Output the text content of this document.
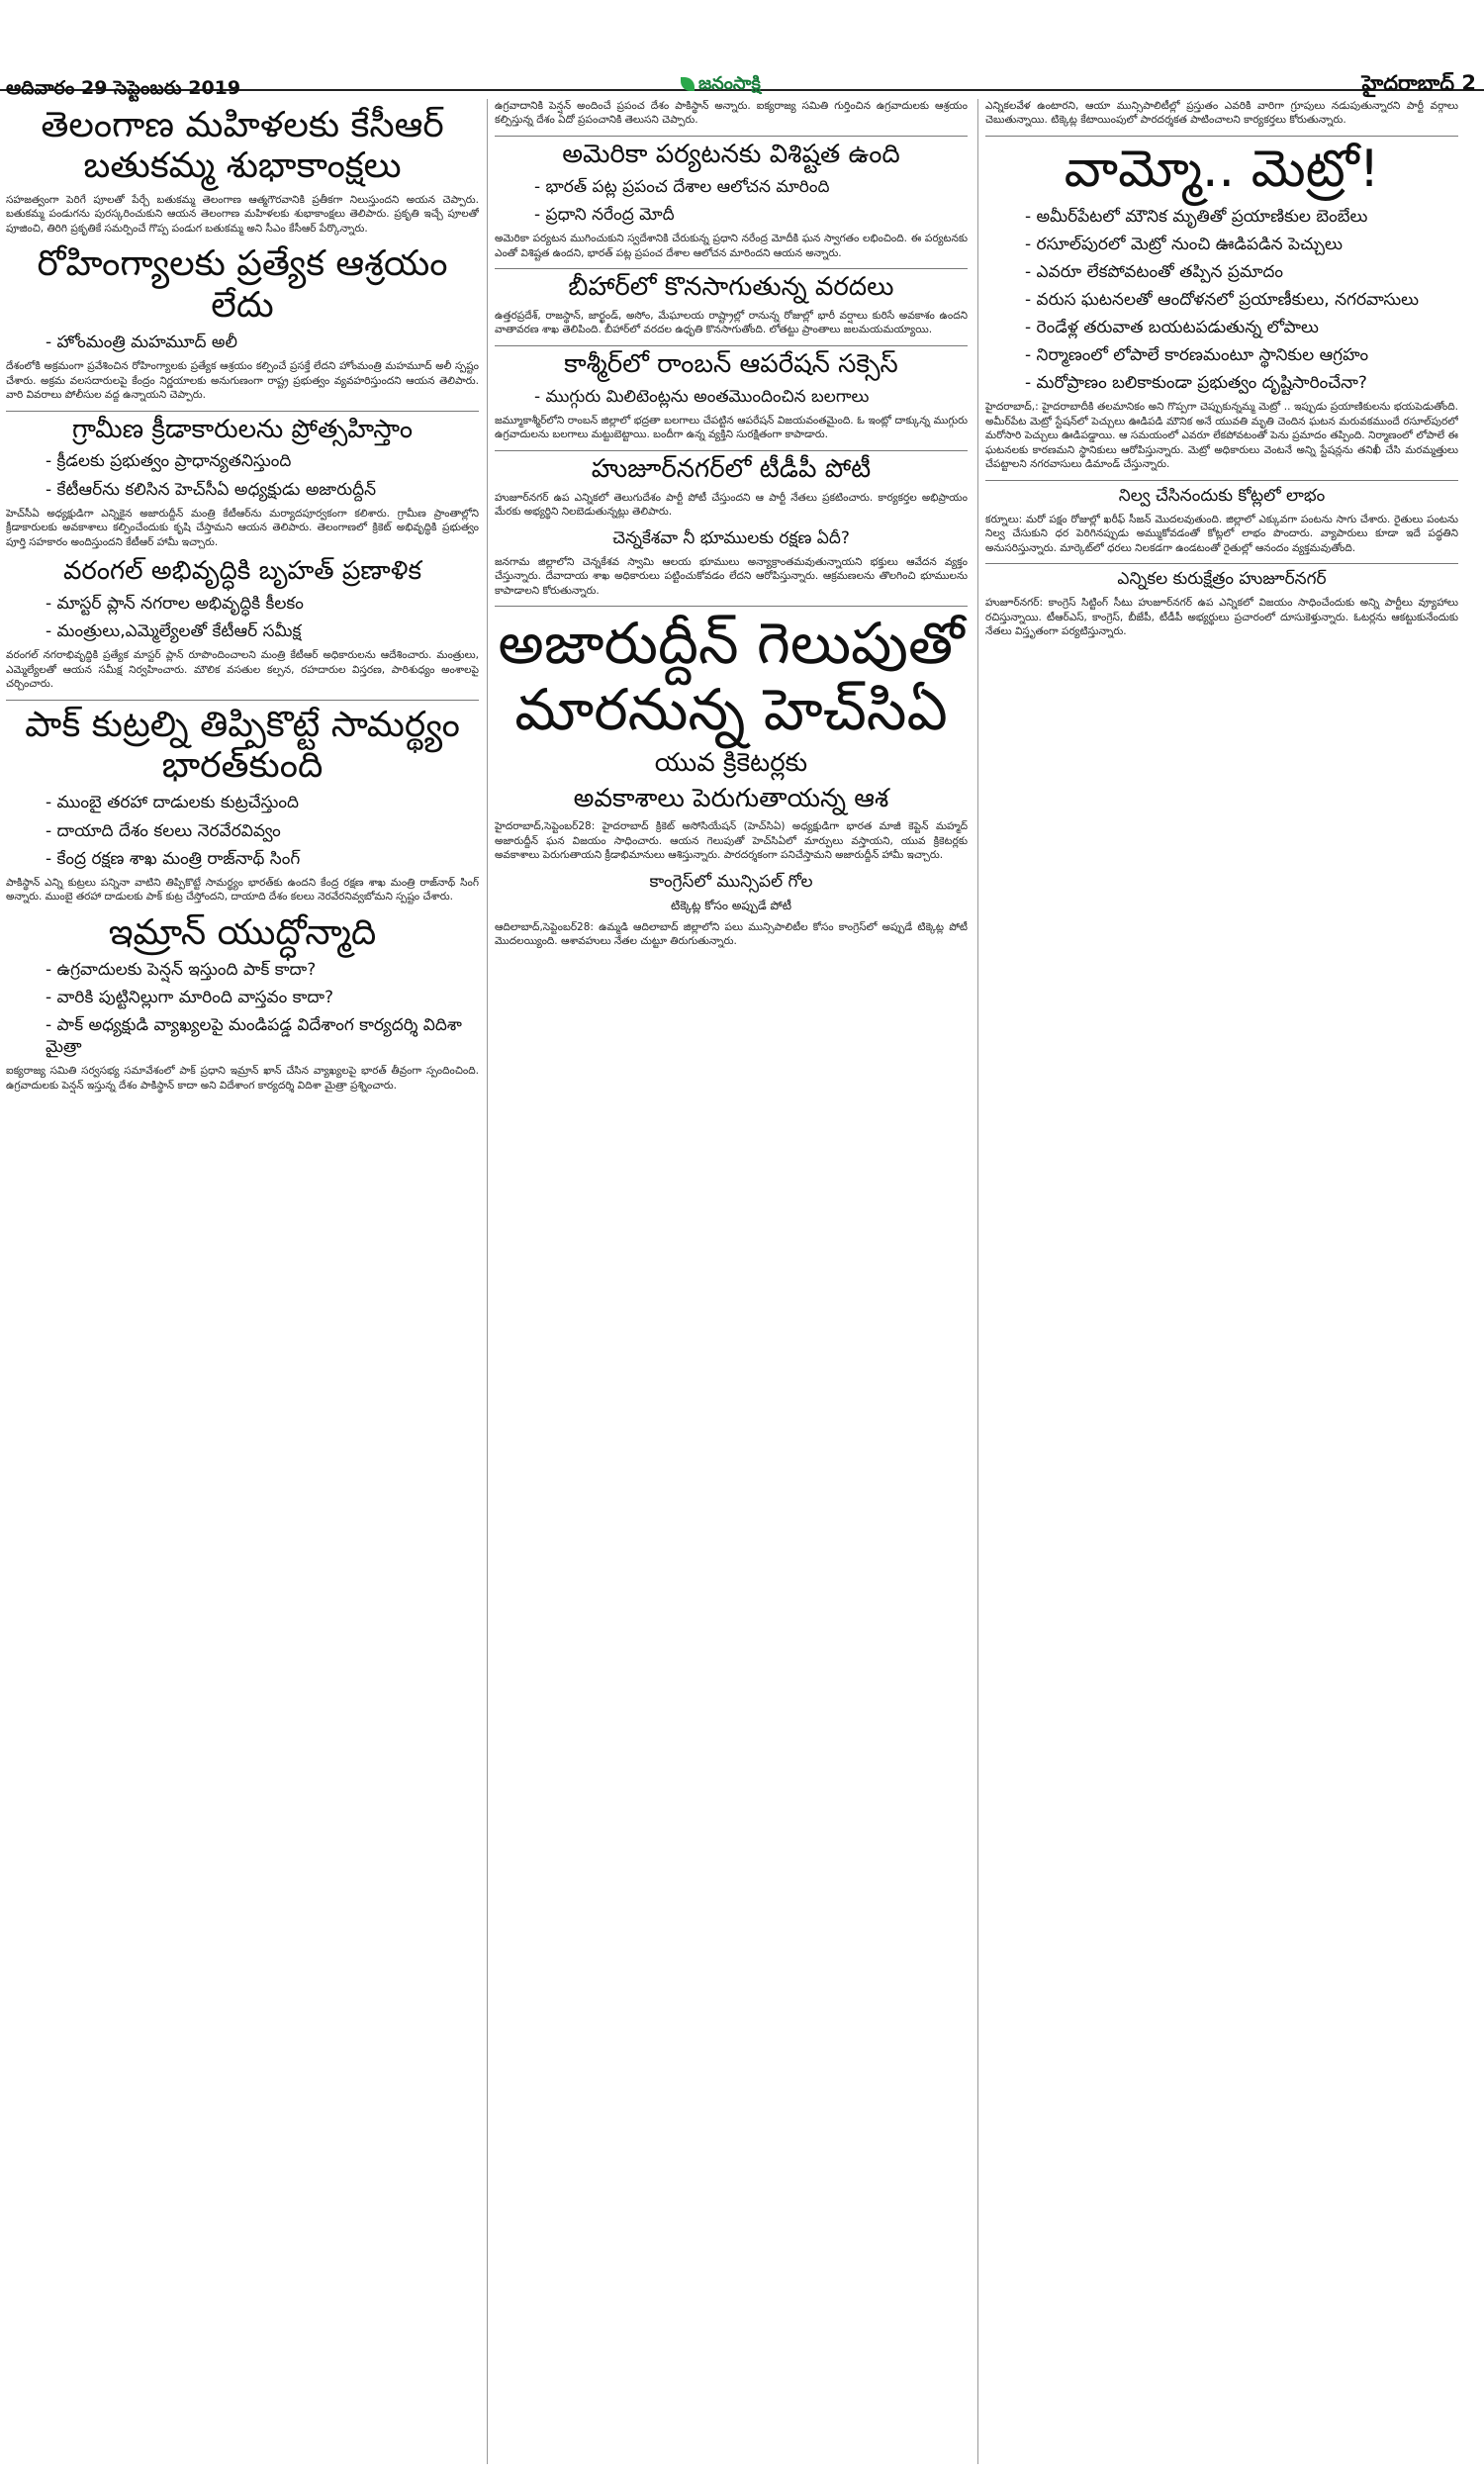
ఆదివారం 29 సెప్టెంబరు 2019	జనంసాక్షి	హైదరాబాద్ 2
తెలంగాణ మహిళలకు కేసీఆర్ బతుకమ్మ శుభాకాంక్షలు

సహజత్వంగా పెరిగే పూలతో పేర్చే బతుకమ్మ తెలంగాణ ఆత్మగౌరవానికి ప్రతీకగా నిలుస్తుందని అయన చెప్పారు. బతుకమ్మ పండుగను పురస్కరించుకుని ఆయన తెలంగాణ మహిళలకు శుభాకాంక్షలు తెలిపారు. ప్రకృతి ఇచ్చే పూలతో పూజించి, తిరిగి ప్రకృతికే సమర్పించే గొప్ప పండుగ బతుకమ్మ అని సీఎం కేసీఆర్ పేర్కొన్నారు.

రోహింగ్యాలకు ప్రత్యేక ఆశ్రయం లేదు
- హోంమంత్రి మహమూద్ అలీ

దేశంలోకి అక్రమంగా ప్రవేశించిన రోహింగ్యాలకు ప్రత్యేక ఆశ్రయం కల్పించే ప్రసక్తే లేదని హోంమంత్రి మహమూద్ అలీ స్పష్టం చేశారు. అక్రమ వలసదారులపై కేంద్రం నిర్ణయాలకు అనుగుణంగా రాష్ట్ర ప్రభుత్వం వ్యవహరిస్తుందని ఆయన తెలిపారు. వారి వివరాలు పోలీసుల వద్ద ఉన్నాయని చెప్పారు.

గ్రామీణ క్రీడాకారులను ప్రోత్సహిస్తాం
- క్రీడలకు ప్రభుత్వం ప్రాధాన్యతనిస్తుంది
- కేటీఆర్‌ను కలిసిన హెచ్‌సీఏ అధ్యక్షుడు అజారుద్దీన్

హెచ్‌సీఏ అధ్యక్షుడిగా ఎన్నికైన అజారుద్దీన్ మంత్రి కేటీఆర్‌ను మర్యాదపూర్వకంగా కలిశారు. గ్రామీణ ప్రాంతాల్లోని క్రీడాకారులకు అవకాశాలు కల్పించేందుకు కృషి చేస్తామని ఆయన తెలిపారు. తెలంగాణలో క్రికెట్ అభివృద్ధికి ప్రభుత్వం పూర్తి సహకారం అందిస్తుందని కేటీఆర్ హామీ ఇచ్చారు.

వరంగల్ అభివృద్ధికి బృహత్ ప్రణాళిక
- మాస్టర్ ప్లాన్ నగరాల అభివృద్ధికి కీలకం
- మంత్రులు,ఎమ్మెల్యేలతో కేటీఆర్ సమీక్ష

వరంగల్ నగరాభివృద్ధికి ప్రత్యేక మాస్టర్ ప్లాన్ రూపొందించాలని మంత్రి కేటీఆర్ అధికారులను ఆదేశించారు. మంత్రులు, ఎమ్మెల్యేలతో ఆయన సమీక్ష నిర్వహించారు. మౌలిక వసతుల కల్పన, రహదారుల విస్తరణ, పారిశుధ్యం అంశాలపై చర్చించారు.

పాక్ కుట్రల్ని తిప్పికొట్టే సామర్థ్యం భారత్‌కుంది
- ముంబై తరహా దాడులకు కుట్రచేస్తుంది
- దాయాది దేశం కలలు నెరవేరవివ్వం
- కేంద్ర రక్షణ శాఖ మంత్రి రాజ్‌నాథ్ సింగ్

పాకిస్థాన్ ఎన్ని కుట్రలు పన్నినా వాటిని తిప్పికొట్టే సామర్థ్యం భారత్‌కు ఉందని కేంద్ర రక్షణ శాఖ మంత్రి రాజ్‌నాథ్ సింగ్ అన్నారు. ముంబై తరహా దాడులకు పాక్ కుట్ర చేస్తోందని, దాయాది దేశం కలలు నెరవేరనివ్వబోమని స్పష్టం చేశారు.

ఇమ్రాన్ యుద్ధోన్మాది
- ఉగ్రవాదులకు పెన్షన్ ఇస్తుంది పాక్ కాదా?
- వారికి పుట్టినిల్లుగా మారింది వాస్తవం కాదా?
- పాక్ అధ్యక్షుడి వ్యాఖ్యలపై మండిపడ్డ విదేశాంగ కార్యదర్శి విదిశా మైత్రా

ఐక్యరాజ్య సమితి సర్వసభ్య సమావేశంలో పాక్ ప్రధాని ఇమ్రాన్ ఖాన్ చేసిన వ్యాఖ్యలపై భారత్ తీవ్రంగా స్పందించింది. ఉగ్రవాదులకు పెన్షన్ ఇస్తున్న దేశం పాకిస్థాన్ కాదా అని విదేశాంగ కార్యదర్శి విదిశా మైత్రా ప్రశ్నించారు.

ఉగ్రవాదానికి పెన్షన్ అందించే ప్రపంచ దేశం పాకిస్థాన్ అన్నారు. ఐక్యరాజ్య సమితి గుర్తించిన ఉగ్రవాదులకు ఆశ్రయం కల్పిస్తున్న దేశం ఏదో ప్రపంచానికి తెలుసని చెప్పారు.

అమెరికా పర్యటనకు విశిష్టత ఉంది
- భారత్ పట్ల ప్రపంచ దేశాల ఆలోచన మారింది
- ప్రధాని నరేంద్ర మోదీ

అమెరికా పర్యటన ముగించుకుని స్వదేశానికి చేరుకున్న ప్రధాని నరేంద్ర మోదీకి ఘన స్వాగతం లభించింది. ఈ పర్యటనకు ఎంతో విశిష్టత ఉందని, భారత్ పట్ల ప్రపంచ దేశాల ఆలోచన మారిందని ఆయన అన్నారు.

బీహార్‌లో కొనసాగుతున్న వరదలు

ఉత్తరప్రదేశ్, రాజస్థాన్, జార్ఖండ్, అసోం, మేఘాలయ రాష్ట్రాల్లో రానున్న రోజుల్లో భారీ వర్షాలు కురిసే అవకాశం ఉందని వాతావరణ శాఖ తెలిపింది. బీహార్‌లో వరదల ఉధృతి కొనసాగుతోంది. లోతట్టు ప్రాంతాలు జలమయమయ్యాయి.

కాశ్మీర్‌లో రాంబన్ ఆపరేషన్ సక్సెస్
- ముగ్గురు మిలిటెంట్లను అంతమొందించిన బలగాలు

జమ్మూకాశ్మీర్‌లోని రాంబన్ జిల్లాలో భద్రతా బలగాలు చేపట్టిన ఆపరేషన్ విజయవంతమైంది. ఓ ఇంట్లో దాక్కున్న ముగ్గురు ఉగ్రవాదులను బలగాలు మట్టుబెట్టాయి. బందీగా ఉన్న వ్యక్తిని సురక్షితంగా కాపాడారు.

హుజూర్‌నగర్‌లో టీడీపీ పోటీ

హుజూర్‌నగర్ ఉప ఎన్నికలో తెలుగుదేశం పార్టీ పోటీ చేస్తుందని ఆ పార్టీ నేతలు ప్రకటించారు. కార్యకర్తల అభిప్రాయం మేరకు అభ్యర్థిని నిలబెడుతున్నట్లు తెలిపారు.

చెన్నకేశవా నీ భూములకు రక్షణ ఏదీ?

జనగామ జిల్లాలోని చెన్నకేశవ స్వామి ఆలయ భూములు అన్యాక్రాంతమవుతున్నాయని భక్తులు ఆవేదన వ్యక్తం చేస్తున్నారు. దేవాదాయ శాఖ అధికారులు పట్టించుకోవడం లేదని ఆరోపిస్తున్నారు. ఆక్రమణలను తొలగించి భూములను కాపాడాలని కోరుతున్నారు.

అజారుద్దీన్ గెలుపుతో మారనున్న హెచ్‌సిఏ
యువ క్రికెటర్లకు
అవకాశాలు పెరుగుతాయన్న ఆశ

హైదరాబాద్,సెప్టెంబర్28: హైదరాబాద్ క్రికెట్ అసోసియేషన్ (హెచ్‌సిఏ) అధ్యక్షుడిగా భారత మాజీ కెప్టెన్ మహ్మద్ అజారుద్దీన్ ఘన విజయం సాధించారు. ఆయన గెలుపుతో హెచ్‌సిఏలో మార్పులు వస్తాయని, యువ క్రికెటర్లకు అవకాశాలు పెరుగుతాయని క్రీడాభిమానులు ఆశిస్తున్నారు. పారదర్శకంగా పనిచేస్తామని అజారుద్దీన్ హామీ ఇచ్చారు.

కాంగ్రెస్‌లో మున్సిపల్ గోల
టిక్కెట్ల కోసం అప్పుడే పోటీ

ఆదిలాబాద్,సెప్టెంబర్28: ఉమ్మడి ఆదిలాబాద్ జిల్లాలోని పలు మున్సిపాలిటీల కోసం కాంగ్రెస్‌లో అప్పుడే టిక్కెట్ల పోటీ మొదలయ్యింది. ఆశావహులు నేతల చుట్టూ తిరుగుతున్నారు.

ఎన్నికలవేళ ఉంటారని, ఆయా మున్సిపాలిటీల్లో ప్రస్తుతం ఎవరికి వారిగా గ్రూపులు నడుపుతున్నారని పార్టీ వర్గాలు చెబుతున్నాయి. టిక్కెట్ల కేటాయింపులో పారదర్శకత పాటించాలని కార్యకర్తలు కోరుతున్నారు.

వామ్మో.. మెట్రో!
- అమీర్‌పేటలో మౌనిక మృతితో ప్రయాణికుల బెంబేలు
- రసూల్‌పురలో మెట్రో నుంచి ఊడిపడిన పెచ్చులు
- ఎవరూ లేకపోవటంతో తప్పిన ప్రమాదం
- వరుస ఘటనలతో ఆందోళనలో ప్రయాణీకులు, నగరవాసులు
- రెండేళ్ల తరువాత బయటపడుతున్న లోపాలు
- నిర్మాణంలో లోపాలే కారణమంటూ స్థానికుల ఆగ్రహం
- మరోప్రాణం బలికాకుండా ప్రభుత్వం దృష్టిసారించేనా?

హైదరాబాద్,: హైదరాబాదీకి తలమానికం అని గొప్పగా చెప్పుకున్నమ్మ మెట్రో .. ఇప్పుడు ప్రయాణికులను భయపెడుతోంది. అమీర్‌పేట మెట్రో స్టేషన్‌లో పెచ్చులు ఊడిపడి మౌనిక అనే యువతి మృతి చెందిన ఘటన మరువకముందే రసూల్‌పురలో మరోసారి పెచ్చులు ఊడిపడ్డాయి. ఆ సమయంలో ఎవరూ లేకపోవటంతో పెను ప్రమాదం తప్పింది. నిర్మాణంలో లోపాలే ఈ ఘటనలకు కారణమని స్థానికులు ఆరోపిస్తున్నారు. మెట్రో అధికారులు వెంటనే అన్ని స్టేషన్లను తనిఖీ చేసి మరమ్మత్తులు చేపట్టాలని నగరవాసులు డిమాండ్ చేస్తున్నారు.

నిల్వ చేసినందుకు కోట్లలో లాభం

కర్నూలు: మరో పక్షం రోజుల్లో ఖరీఫ్ సీజన్ మొదలవుతుంది. జిల్లాలో ఎక్కువగా పంటను సాగు చేశారు. రైతులు పంటను నిల్వ చేసుకుని ధర పెరిగినప్పుడు అమ్ముకోవడంతో కోట్లలో లాభం పొందారు. వ్యాపారులు కూడా ఇదే పద్ధతిని అనుసరిస్తున్నారు. మార్కెట్‌లో ధరలు నిలకడగా ఉండటంతో రైతుల్లో ఆనందం వ్యక్తమవుతోంది.

ఎన్నికల కురుక్షేత్రం హుజూర్‌నగర్

హుజూర్‌నగర్: కాంగ్రెస్ సిట్టింగ్ సీటు హుజూర్‌నగర్ ఉప ఎన్నికలో విజయం సాధించేందుకు అన్ని పార్టీలు వ్యూహాలు రచిస్తున్నాయి. టీఆర్ఎస్, కాంగ్రెస్, బీజేపీ, టీడీపీ అభ్యర్థులు ప్రచారంలో దూసుకెళ్తున్నారు. ఓటర్లను ఆకట్టుకునేందుకు నేతలు విస్తృతంగా పర్యటిస్తున్నారు.
